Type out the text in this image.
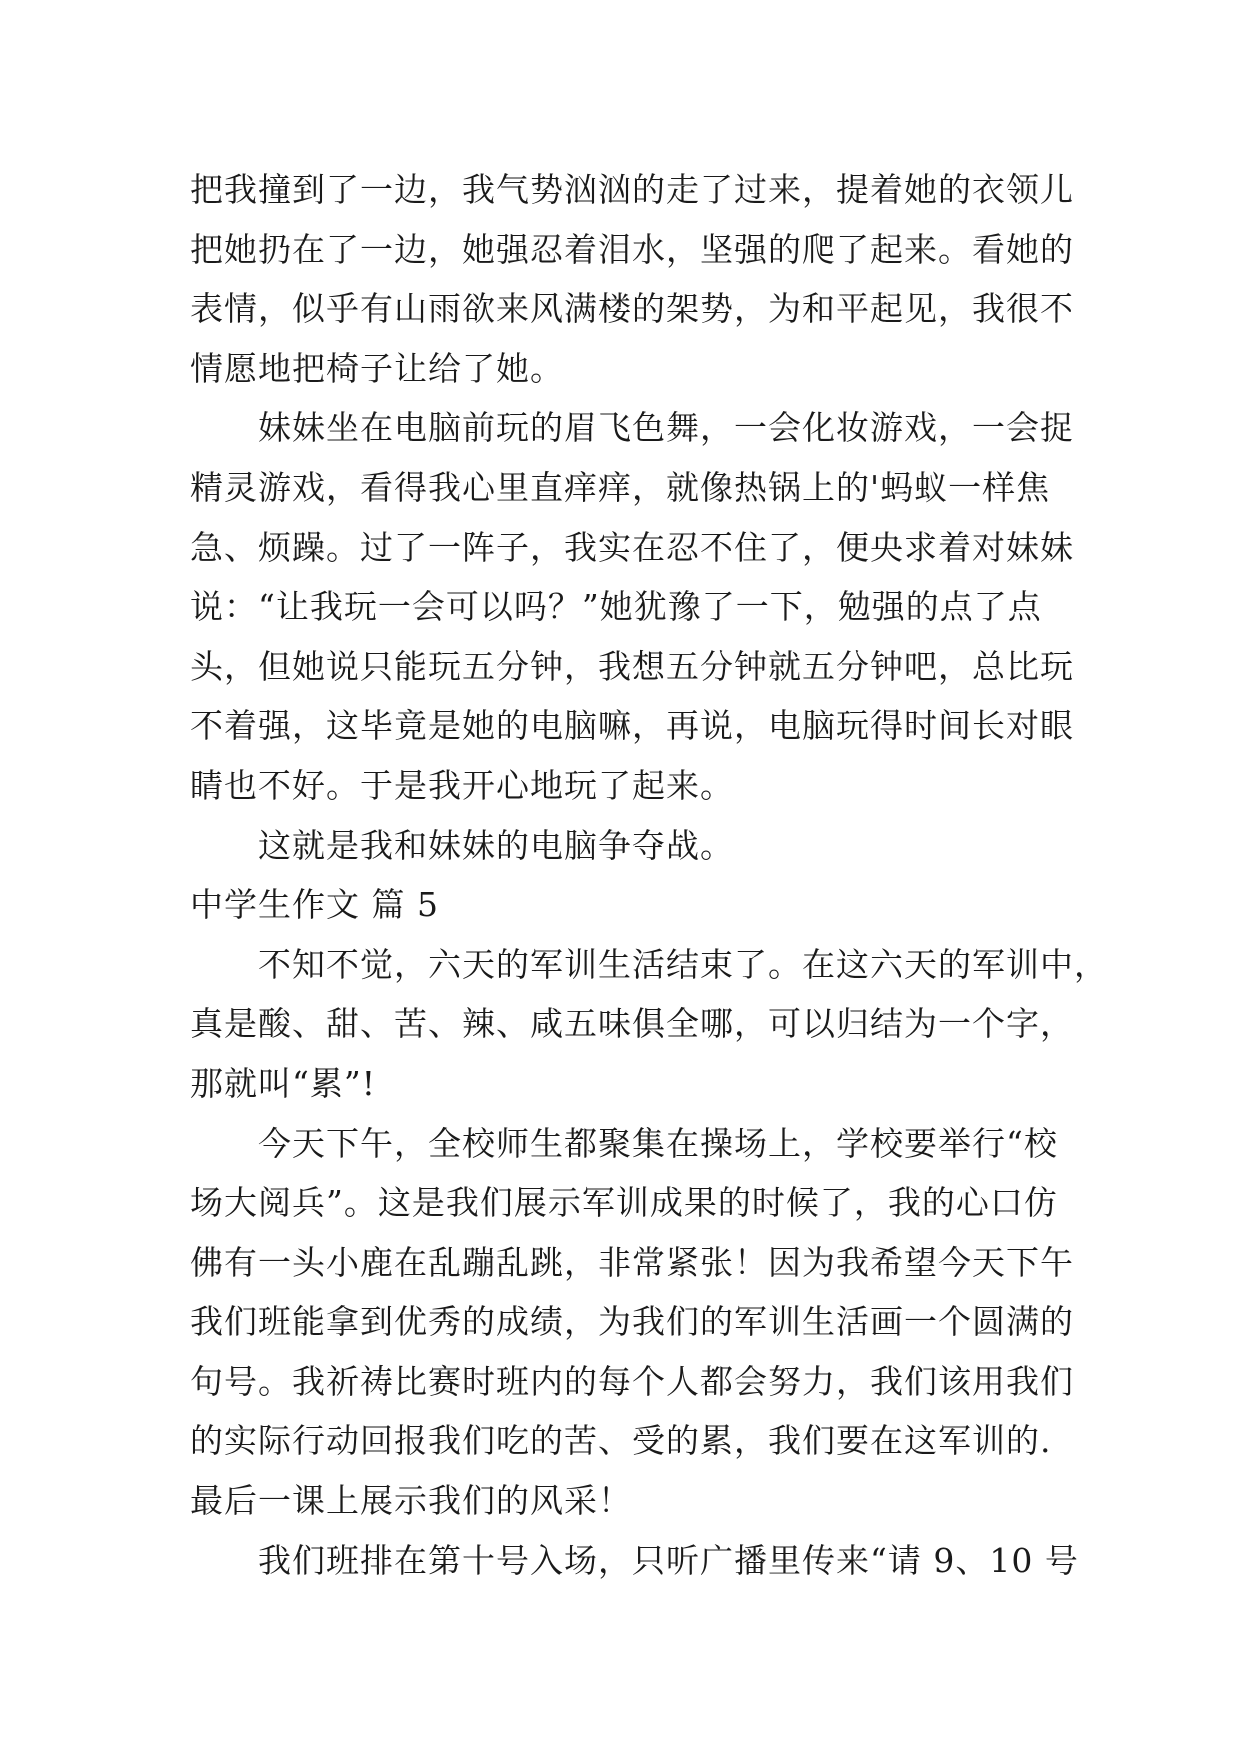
把我撞到了一边，我气势汹汹的走了过来，提着她的衣领儿
把她扔在了一边，她强忍着泪水，坚强的爬了起来。看她的
表情，似乎有山雨欲来风满楼的架势，为和平起见，我很不
情愿地把椅子让给了她。
妹妹坐在电脑前玩的眉飞色舞，一会化妆游戏，一会捉
精灵游戏，看得我心里直痒痒，就像热锅上的'蚂蚁一样焦
急、烦躁。过了一阵子，我实在忍不住了，便央求着对妹妹
说：“让我玩一会可以吗？”她犹豫了一下，勉强的点了点
头，但她说只能玩五分钟，我想五分钟就五分钟吧，总比玩
不着强，这毕竟是她的电脑嘛，再说，电脑玩得时间长对眼
睛也不好。于是我开心地玩了起来。
这就是我和妹妹的电脑争夺战。
中学生作文 篇 5
不知不觉，六天的军训生活结束了。在这六天的军训中，
真是酸、甜、苦、辣、咸五味俱全哪，可以归结为一个字，
那就叫“累”!
今天下午，全校师生都聚集在操场上，学校要举行“校
场大阅兵”。这是我们展示军训成果的时候了，我的心口仿
佛有一头小鹿在乱蹦乱跳，非常紧张！因为我希望今天下午
我们班能拿到优秀的成绩，为我们的军训生活画一个圆满的
句号。我祈祷比赛时班内的每个人都会努力，我们该用我们
的实际行动回报我们吃的苦、受的累，我们要在这军训的.
最后一课上展示我们的风采！
我们班排在第十号入场，只听广播里传来“请 9、10 号
